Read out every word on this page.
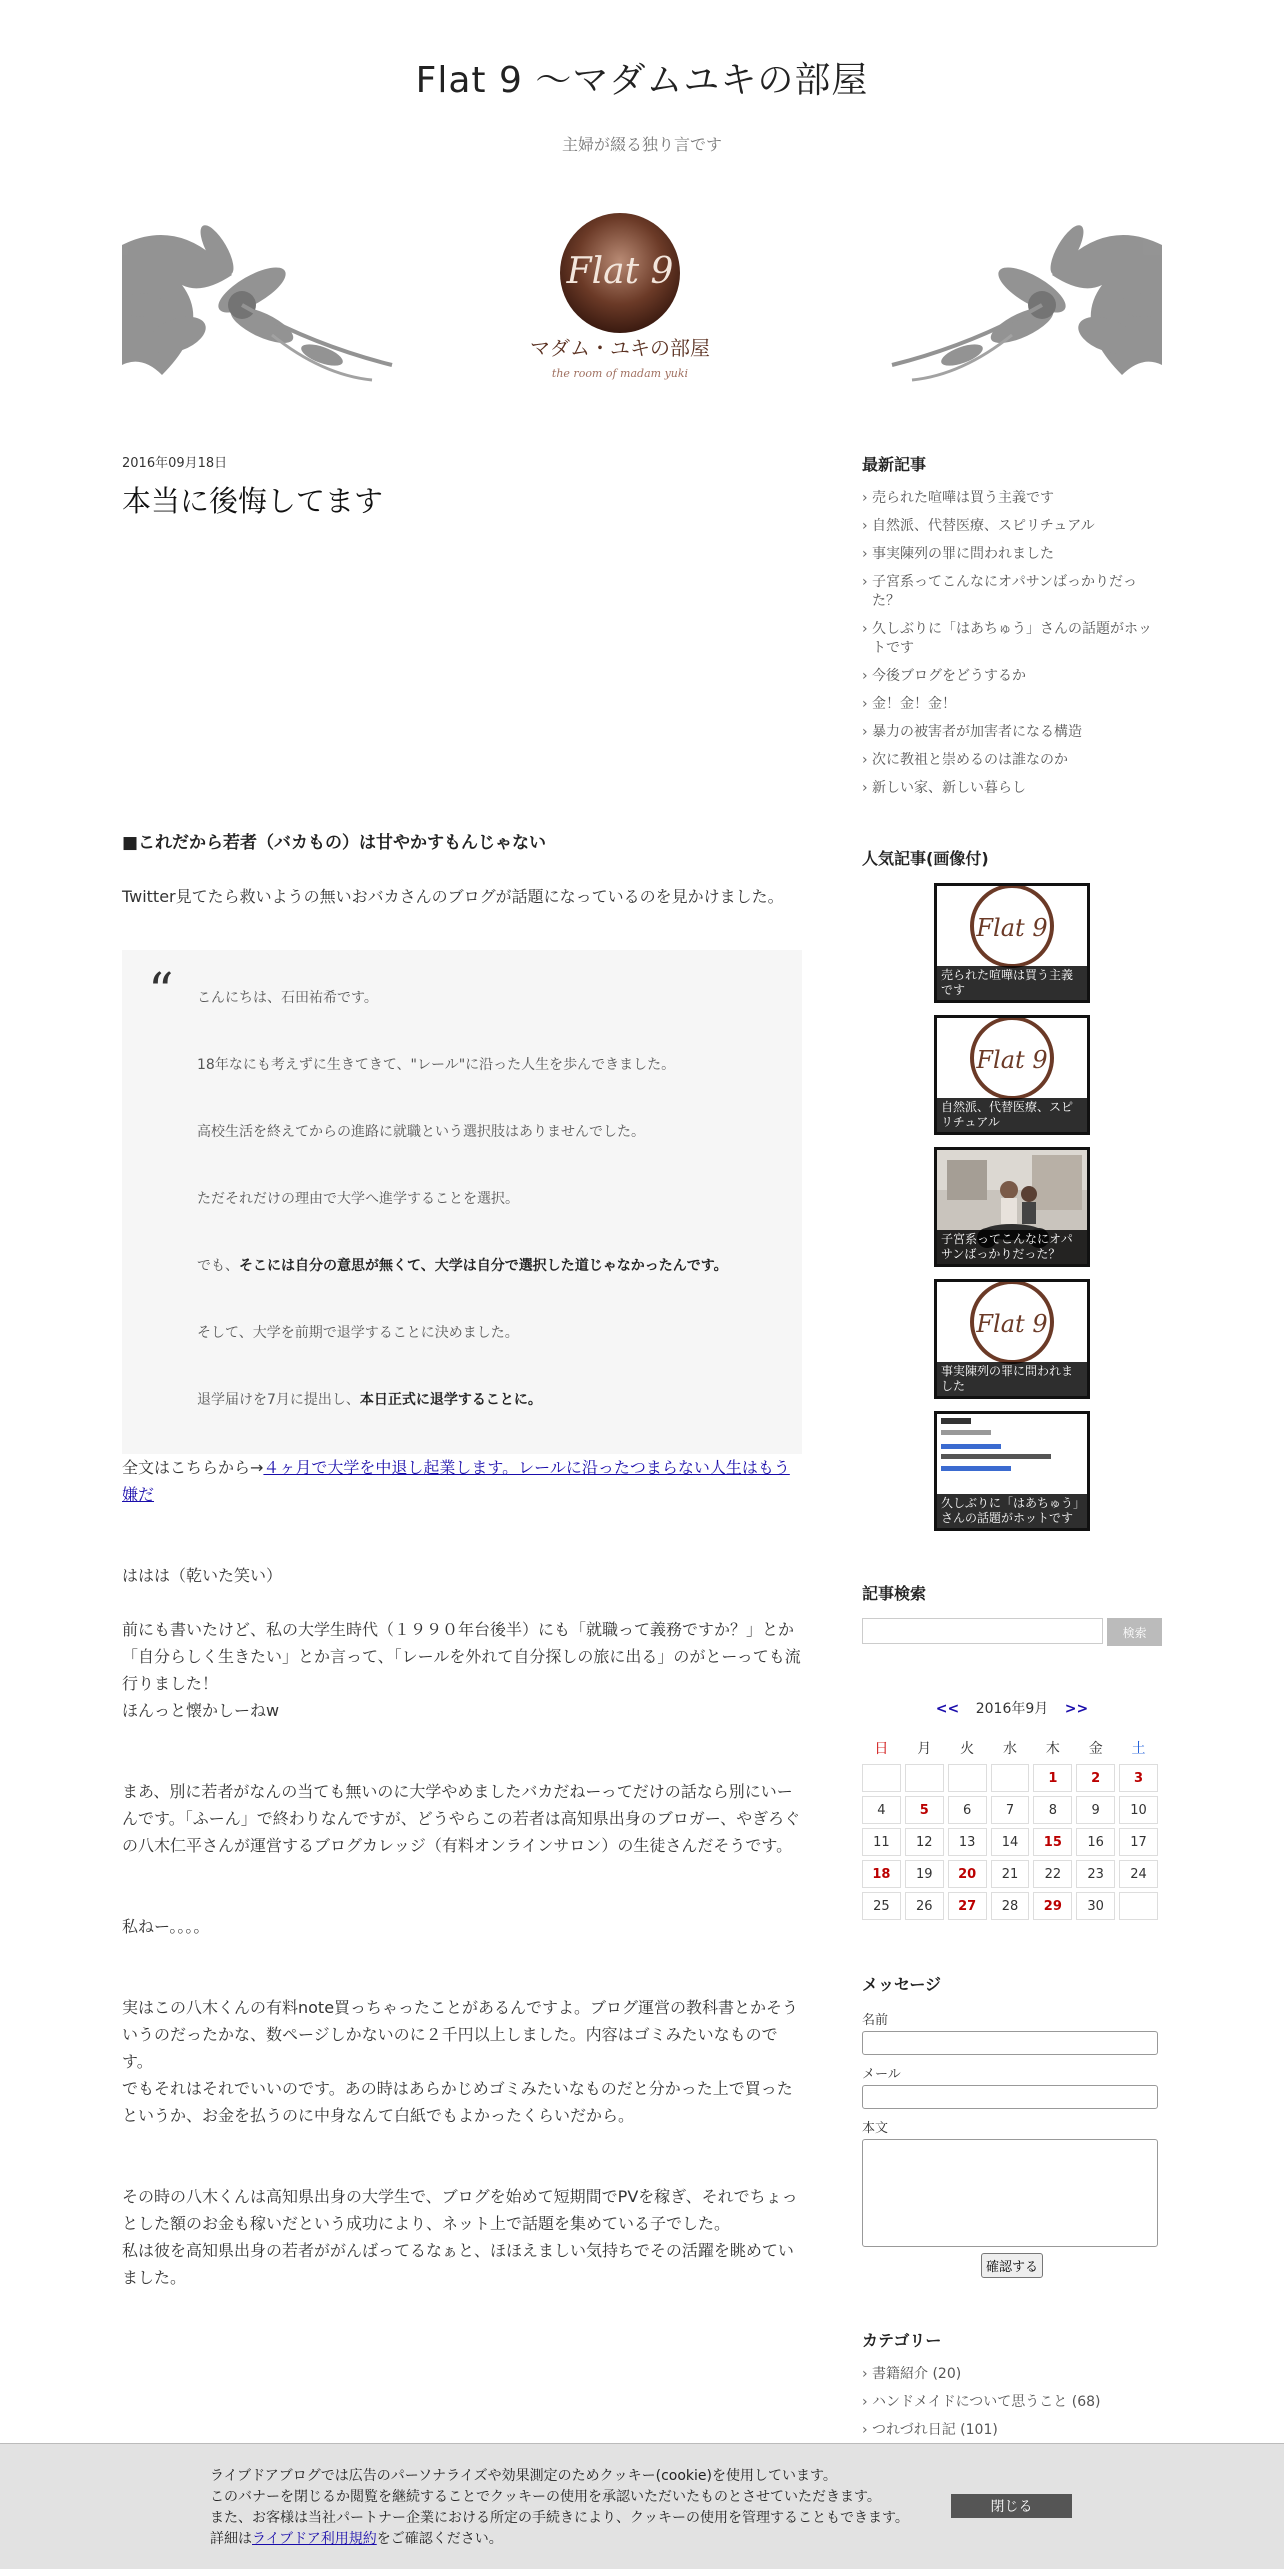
Flat 9 〜マダムユキの部屋
主婦が綴る独り言です
Flat 9
マダム・ユキの部屋
the room of madam yuki
2016年09月18日
本当に後悔してます

■これだから若者（バカもの）は甘やかすもんじゃない

Twitter見てたら救いようの無いおバカさんのブログが話題になっているのを見かけました。

“ こんにちは、石田祐希です。

18年なにも考えずに生きてきて、"レール"に沿った人生を歩んできました。

高校生活を終えてからの進路に就職という選択肢はありませんでした。

ただそれだけの理由で大学へ進学することを選択。

でも、そこには自分の意思が無くて、大学は自分で選択した道じゃなかったんです。

そして、大学を前期で退学することに決めました。

退学届けを7月に提出し、本日正式に退学することに。

全文はこちらから→４ヶ月で大学を中退し起業します。レールに沿ったつまらない人生はもう嫌だ

ははは（乾いた笑い）

前にも書いたけど、私の大学生時代（１９９０年台後半）にも「就職って義務ですか？」とか「自分らしく生きたい」とか言って、「レールを外れて自分探しの旅に出る」のがとーっても流行りました！

ほんっと懐かしーねw

まあ、別に若者がなんの当ても無いのに大学やめましたバカだねーってだけの話なら別にいーんです。「ふーん」で終わりなんですが、どうやらこの若者は高知県出身のブロガー、やぎろぐの八木仁平さんが運営するブログカレッジ（有料オンラインサロン）の生徒さんだそうです。

私ねー。。。。

実はこの八木くんの有料note買っちゃったことがあるんですよ。ブログ運営の教科書とかそういうのだったかな、数ページしかないのに２千円以上しました。内容はゴミみたいなものです。

でもそれはそれでいいのです。あの時はあらかじめゴミみたいなものだと分かった上で買ったというか、お金を払うのに中身なんて白紙でもよかったくらいだから。

その時の八木くんは高知県出身の大学生で、ブログを始めて短期間でPVを稼ぎ、それでちょっとした額のお金も稼いだという成功により、ネット上で話題を集めている子でした。

私は彼を高知県出身の若者ががんばってるなぁと、ほほえましい気持ちでその活躍を眺めていました。

最新記事
› 売られた喧嘩は買う主義です
› 自然派、代替医療、スピリチュアル
› 事実陳列の罪に問われました
› 子宮系ってこんなにオパサンばっかりだった？
› 久しぶりに「はあちゅう」さんの話題がホットです
› 今後ブログをどうするか
› 金！金！金！
› 暴力の被害者が加害者になる構造
› 次に教祖と崇めるのは誰なのか
› 新しい家、新しい暮らし
人気記事(画像付)
Flat 9
売られた喧嘩は買う主義です
Flat 9
自然派、代替医療、スピリチュアル
子宮系ってこんなにオパサンばっかりだった？
Flat 9
事実陳列の罪に問われました
久しぶりに「はあちゅう」さんの話題がホットです
記事検索
検索
<< 2016年9月 >>
日	月	火	水	木	金	土
				1	2	3
4	5	6	7	8	9	10
11	12	13	14	15	16	17
18	19	20	21	22	23	24
25	26	27	28	29	30	
メッセージ
名前
メール
本文
確認する
カテゴリー
› 書籍紹介 (20)
› ハンドメイドについて思うこと (68)
› つれづれ日記 (101)
›
ライブドアブログでは広告のパーソナライズや効果測定のためクッキー(cookie)を使用しています。
このバナーを閉じるか閲覧を継続することでクッキーの使用を承認いただいたものとさせていただきます。
また、お客様は当社パートナー企業における所定の手続きにより、クッキーの使用を管理することもできます。
詳細はライブドア利用規約をご確認ください。
閉じる
